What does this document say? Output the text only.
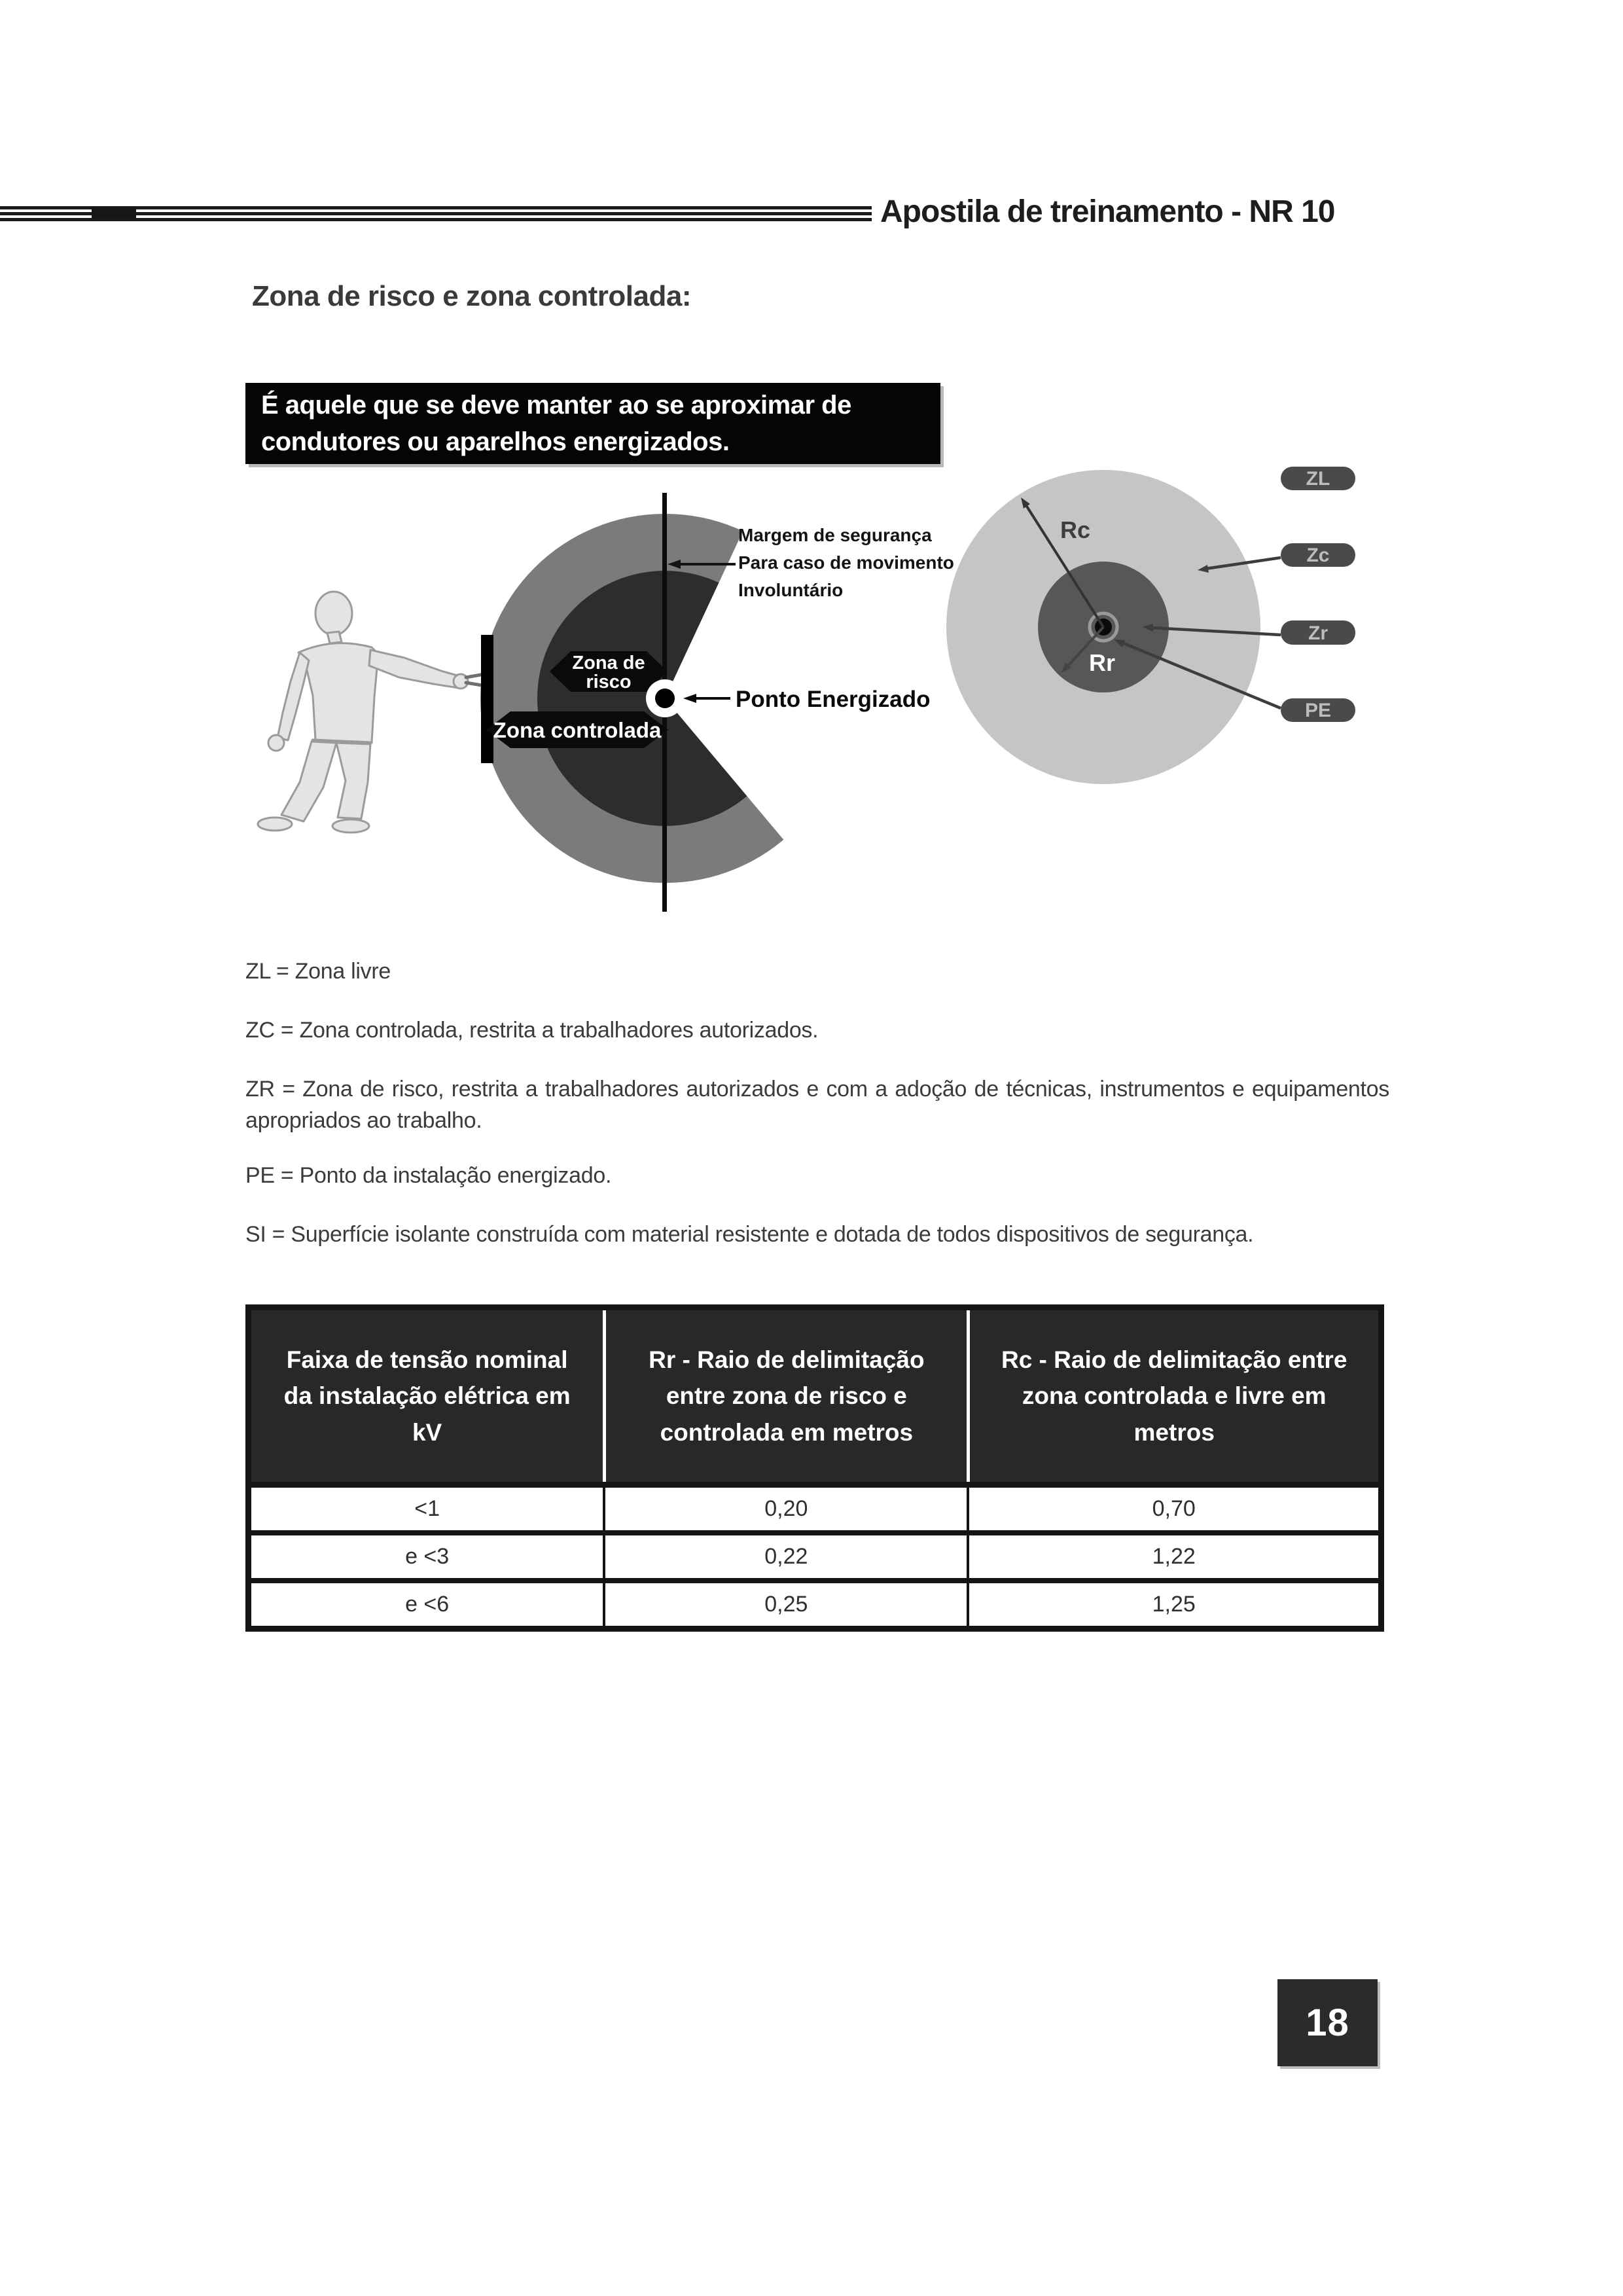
Apostila de treinamento - NR 10
Zona de risco e zona controlada:
É aquele que se deve manter ao se aproximar de
condutores ou aparelhos energizados.
Zona de
risco
Zona controlada
Margem de segurança
Para caso de movimento
Involuntário
Ponto Energizado
Rc
Rr
ZL
Zc
Zr
PE
ZL = Zona livre
ZC = Zona controlada, restrita a trabalhadores autorizados.
ZR = Zona de risco, restrita a trabalhadores autorizados e com a adoção de técnicas, instrumentos e equipamentos apropriados ao trabalho.
PE = Ponto da instalação energizado.
SI = Superfície isolante construída com material resistente e dotada de todos dispositivos de segurança.
Faixa de tensão nominal da instalação elétrica em kV
Rr - Raio de delimitação entre zona de risco e controlada em metros
Rc - Raio de delimitação entre zona controlada e livre em metros
<1	0,20	0,70
e <3	0,22	1,22
e <6	0,25	1,25
18
